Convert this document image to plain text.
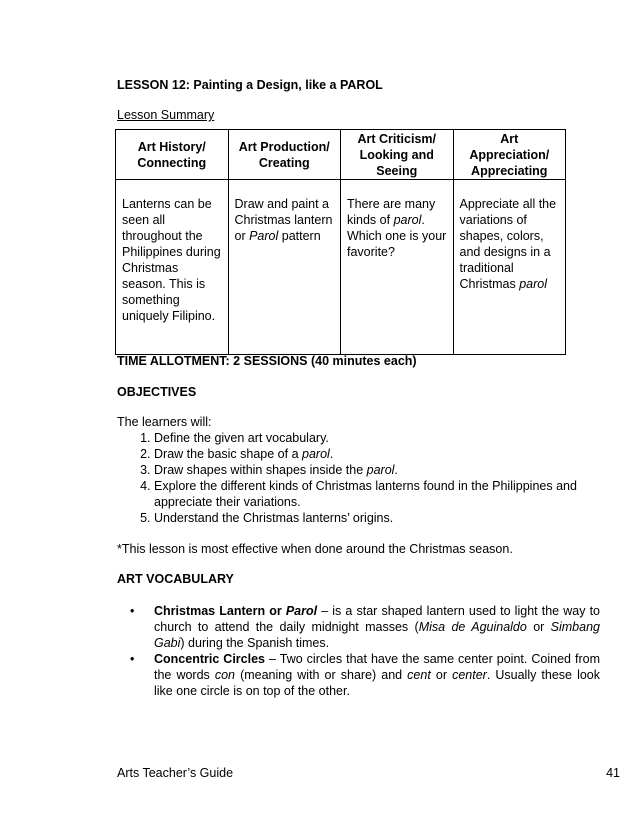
LESSON 12: Painting a Design, like a PAROL
Lesson Summary
Art History/ Connecting	Art Production/ Creating	Art Criticism/ Looking and Seeing	Art Appreciation/ Appreciating
Lanterns can be seen all throughout the Philippines during Christmas season. This is something uniquely Filipino.	Draw and paint a Christmas lantern or Parol pattern	There are many kinds of parol. Which one is your favorite?	Appreciate all the variations of shapes, colors, and designs in a traditional Christmas parol
TIME ALLOTMENT: 2 SESSIONS (40 minutes each)
OBJECTIVES
The learners will:
1. Define the given art vocabulary.
2. Draw the basic shape of a parol.
3. Draw shapes within shapes inside the parol.
4. Explore the different kinds of Christmas lanterns found in the Philippines and appreciate their variations.
5. Understand the Christmas lanterns’ origins.
*This lesson is most effective when done around the Christmas season.
ART VOCABULARY
• Christmas Lantern or Parol – is a star shaped lantern used to light the way to church to attend the daily midnight masses (Misa de Aguinaldo or Simbang Gabi) during the Spanish times.
• Concentric Circles – Two circles that have the same center point. Coined from the words con (meaning with or share) and cent or center. Usually these look like one circle is on top of the other.
Arts Teacher’s Guide	41
